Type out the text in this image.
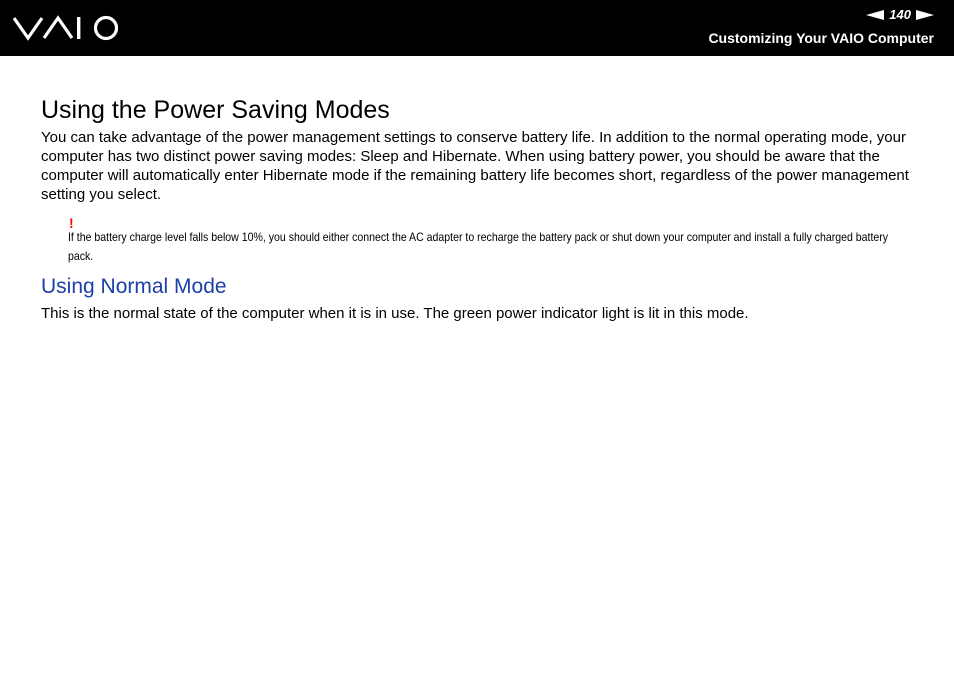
140
Customizing Your VAIO Computer
Using the Power Saving Modes

You can take advantage of the power management settings to conserve battery life. In addition to the normal operating mode, your computer has two distinct power saving modes: Sleep and Hibernate. When using battery power, you should be aware that the computer will automatically enter Hibernate mode if the remaining battery life becomes short, regardless of the power management setting you select.

!
If the battery charge level falls below 10%, you should either connect the AC adapter to recharge the battery pack or shut down your computer and install a fully charged battery pack.
Using Normal Mode

This is the normal state of the computer when it is in use. The green power indicator light is lit in this mode.
